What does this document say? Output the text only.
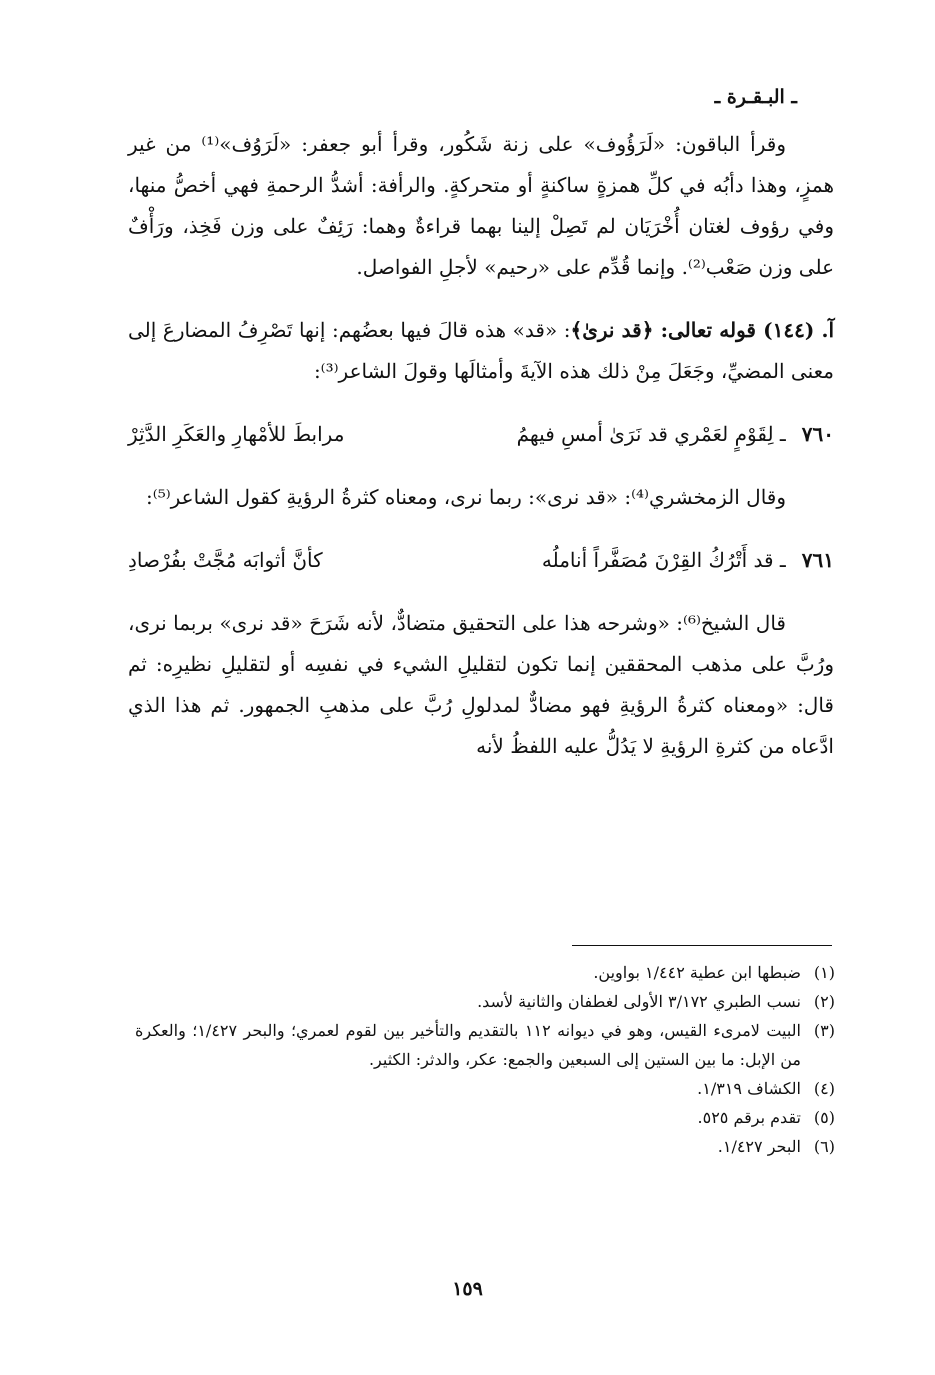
ـ البـقـرة ـ

وقرأ الباقون: «لَرَؤُوف» على زنة شَكُور، وقرأ أبو جعفر: «لَرَوُف»⁽¹⁾ من غير همزٍ، وهذا دأبُه في كلِّ همزةٍ ساكنةٍ أو متحركةٍ. والرأفة: أشدُّ الرحمةِ فهي أخصُّ منها، وفي رؤوف لغتان أُخْرَيَان لم تَصِلْ إلينا بهما قراءةٌ وهما: رَئِفٌ على وزن فَخِذ، ورَأْفٌ على وزن صَعْب⁽²⁾. وإنما قُدِّم على «رحيم» لأجلِ الفواصل.

آ. (١٤٤) قوله تعالى: ﴿قد نرىٰ﴾: «قد» هذه قالَ فيها بعضُهم: إنها تَصْرِفُ المضارعَ إلى معنى المضيِّ، وجَعَلَ مِنْ ذلك هذه الآيةَ وأمثالَها وقولَ الشاعر⁽³⁾:

٧٦٠
ـ لِقَوْمٍ لعَمْري قد نَرَىٰ أمسِ فيهمُ
مرابطَ للأمْهارِ والعَكَرِ الدَّثِرْ

وقال الزمخشري⁽⁴⁾: «قد نرى»: ربما نرى، ومعناه كثرةُ الرؤيةِ كقول الشاعر⁽⁵⁾:

٧٦١
ـ قد أَتْرُكُ القِرْنَ مُصَفَّراً أناملُه
كأنَّ أثوابَه مُجَّتْ بفُرْصادِ

قال الشيخ⁽⁶⁾: «وشرحه هذا على التحقيق متضادٌّ، لأنه شَرَحَ «قد نرى» بربما نرى، ورُبَّ على مذهب المحققين إنما تكون لتقليلِ الشيء في نفسِه أو لتقليلِ نظيرِه: ثم قال: «ومعناه كثرةُ الرؤيةِ فهو مضادٌّ لمدلولِ رُبَّ على مذهبِ الجمهور. ثم هذا الذي ادَّعاه من كثرةِ الرؤيةِ لا يَدُلُّ عليه اللفظُ لأنه

(١)
ضبطها ابن عطية ١/٤٤٢ بواوين.
(٢)
نسب الطبري ٣/١٧٢ الأولى لغطفان والثانية لأسد.
(٣)
البيت لامرىء القيس، وهو في ديوانه ١١٢ بالتقديم والتأخير بين لقوم لعمري؛ والبحر ١/٤٢٧؛ والعكرة من الإبل: ما بين الستين إلى السبعين والجمع: عكر، والدثر: الكثير.
(٤)
الكشاف ١/٣١٩.
(٥)
تقدم برقم ٥٢٥.
(٦)
البحر ١/٤٢٧.
١٥٩
